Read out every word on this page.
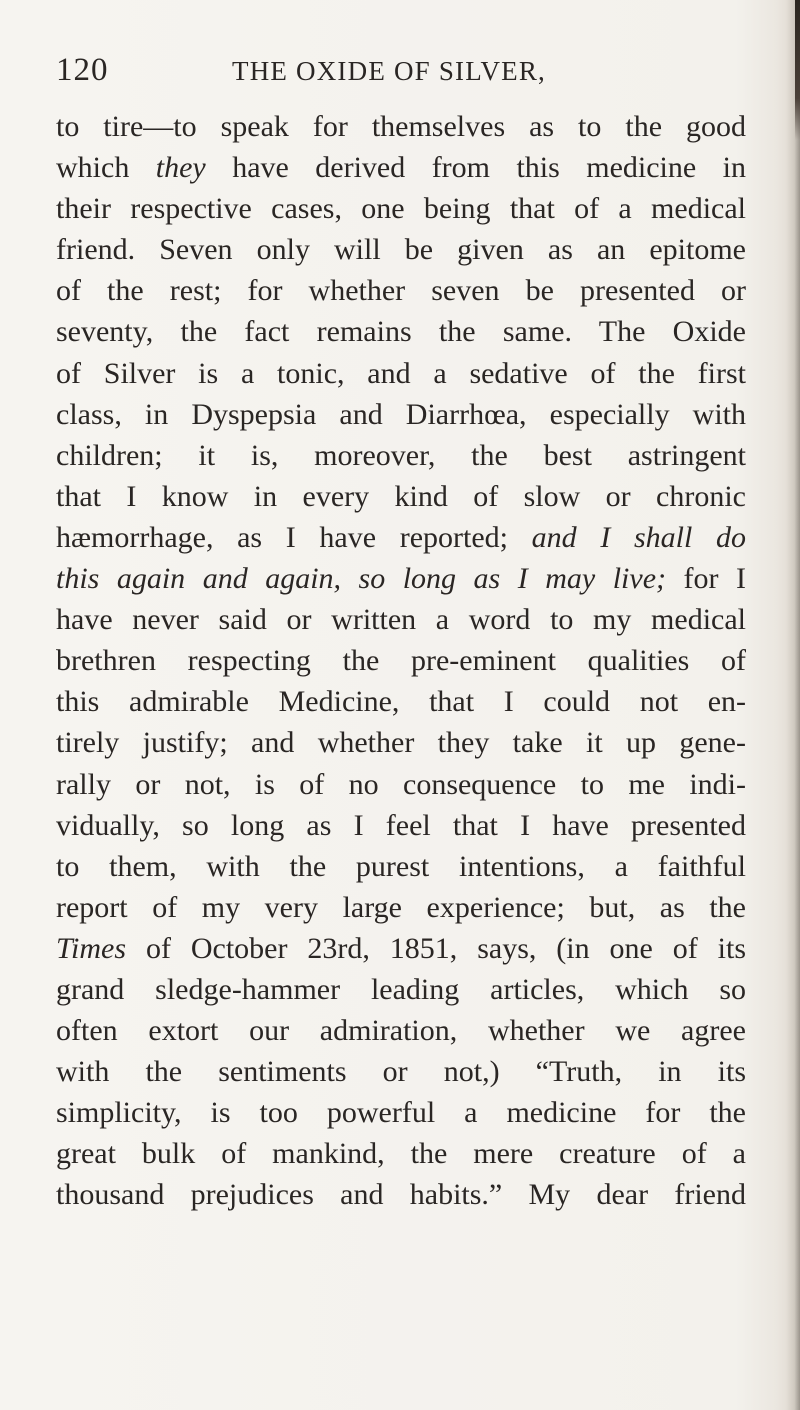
120	THE OXIDE OF SILVER,
to tire—to speak for themselves as to the good
which they have derived from this medicine in
their respective cases, one being that of a medical
friend. Seven only will be given as an epitome
of the rest; for whether seven be presented or
seventy, the fact remains the same. The Oxide
of Silver is a tonic, and a sedative of the first
class, in Dyspepsia and Diarrhœa, especially with
children; it is, moreover, the best astringent
that I know in every kind of slow or chronic
hæmorrhage, as I have reported; and I shall do
this again and again, so long as I may live; for I
have never said or written a word to my medical
brethren respecting the pre-eminent qualities of
this admirable Medicine, that I could not en-
tirely justify; and whether they take it up gene-
rally or not, is of no consequence to me indi-
vidually, so long as I feel that I have presented
to them, with the purest intentions, a faithful
report of my very large experience; but, as the
Times of October 23rd, 1851, says, (in one of its
grand sledge-hammer leading articles, which so
often extort our admiration, whether we agree
with the sentiments or not,) “Truth, in its
simplicity, is too powerful a medicine for the
great bulk of mankind, the mere creature of a
thousand prejudices and habits.” My dear friend
